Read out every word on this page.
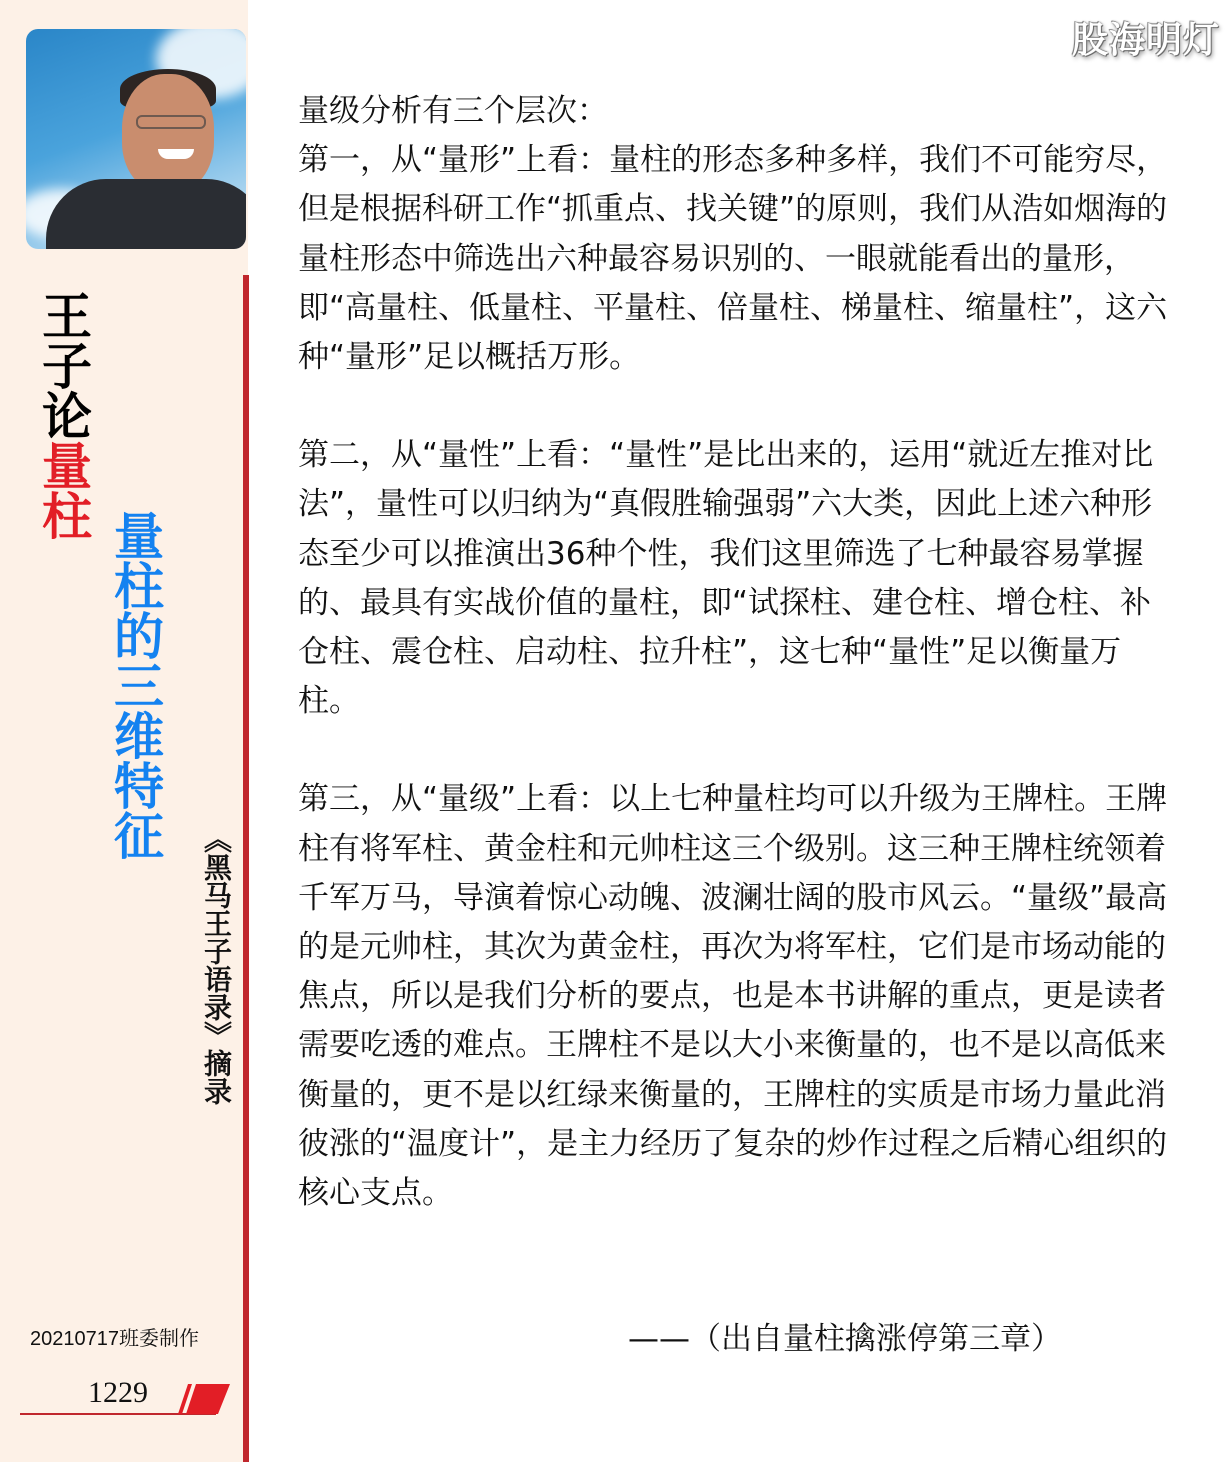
王子论量柱
量柱的三维特征
《黑马王子语录》摘录
20210717班委制作
1229
股海明灯

量级分析有三个层次：

第一，从“量形”上看：量柱的形态多种多样，我们不可能穷尽，但是根据科研工作“抓重点、找关键”的原则，我们从浩如烟海的量柱形态中筛选出六种最容易识别的、一眼就能看出的量形，即“高量柱、低量柱、平量柱、倍量柱、梯量柱、缩量柱”，这六种“量形”足以概括万形。

第二，从“量性”上看：“量性”是比出来的，运用“就近左推对比法”，量性可以归纳为“真假胜输强弱”六大类，因此上述六种形态至少可以推演出36种个性，我们这里筛选了七种最容易掌握的、最具有实战价值的量柱，即“试探柱、建仓柱、增仓柱、补仓柱、震仓柱、启动柱、拉升柱”，这七种“量性”足以衡量万柱。

第三，从“量级”上看：以上七种量柱均可以升级为王牌柱。王牌柱有将军柱、黄金柱和元帅柱这三个级别。这三种王牌柱统领着千军万马，导演着惊心动魄、波澜壮阔的股市风云。“量级”最高的是元帅柱，其次为黄金柱，再次为将军柱，它们是市场动能的焦点，所以是我们分析的要点，也是本书讲解的重点，更是读者需要吃透的难点。王牌柱不是以大小来衡量的，也不是以高低来衡量的，更不是以红绿来衡量的，王牌柱的实质是市场力量此消彼涨的“温度计”，是主力经历了复杂的炒作过程之后精心组织的核心支点。

——（出自量柱擒涨停第三章）
